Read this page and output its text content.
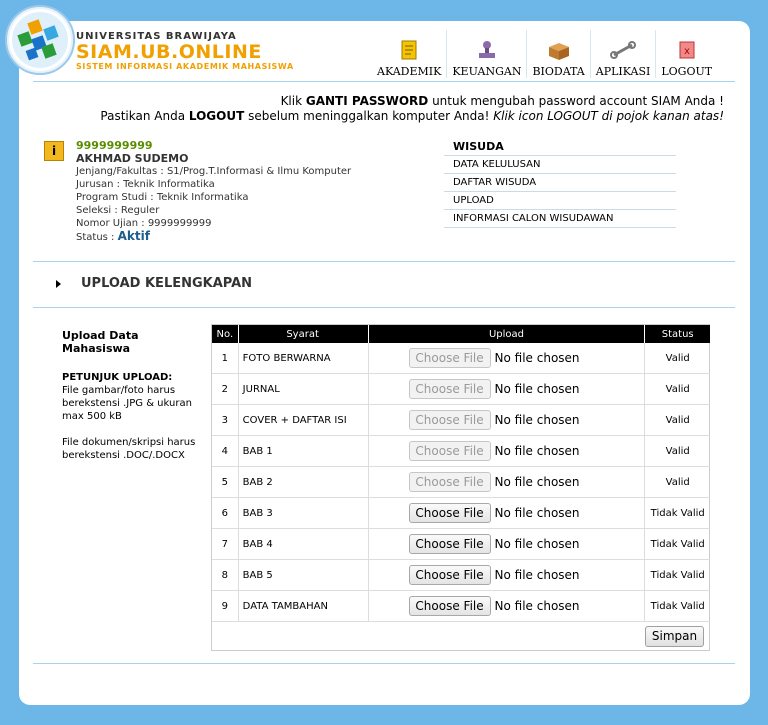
UNIVERSITAS BRAWIJAYA
SIAM.UB.ONLINE
SISTEM INFORMASI AKADEMIK MAHASISWA	AKADEMIK KEUANGAN BIODATA APLIKASI
x
LOGOUT
Klik GANTI PASSWORD untuk mengubah password account SIAM Anda !
Pastikan Anda LOGOUT sebelum meninggalkan komputer Anda! Klik icon LOGOUT di pojok kanan atas!
i	9999999999
AKHMAD SUDEMO
Jenjang/Fakultas : S1/Prog.T.Informasi & Ilmu Komputer
Jurusan : Teknik Informatika
Program Studi : Teknik Informatika
Seleksi : Reguler
Nomor Ujian : 9999999999
Status : Aktif
WISUDA
DATA KELULUSAN
DAFTAR WISUDA
UPLOAD
INFORMASI CALON WISUDAWAN
UPLOAD KELENGKAPAN
Upload Data Mahasiswa
PETUNJUK UPLOAD:
File gambar/foto harus berekstensi .JPG & ukuran max 500 kB
File dokumen/skripsi harus berekstensi .DOC/.DOCX
No.	Syarat	Upload	Status
1	FOTO BERWARNA	Choose File No file chosen	Valid
2	JURNAL	Choose File No file chosen	Valid
3	COVER + DAFTAR ISI	Choose File No file chosen	Valid
4	BAB 1	Choose File No file chosen	Valid
5	BAB 2	Choose File No file chosen	Valid
6	BAB 3	Choose File No file chosen	Tidak Valid
7	BAB 4	Choose File No file chosen	Tidak Valid
8	BAB 5	Choose File No file chosen	Tidak Valid
9	DATA TAMBAHAN	Choose File No file chosen	Tidak Valid
Simpan
